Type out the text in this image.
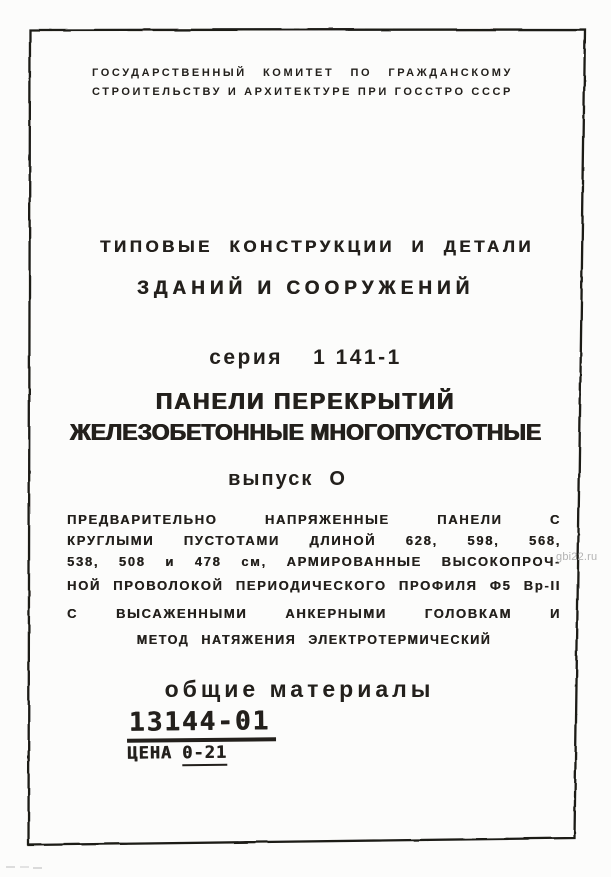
ГОСУДАРСТВЕННЫЙ КОМИТЕТ ПО ГРАЖДАНСКОМУ
СТРОИТЕЛЬСТВУ И АРХИТЕКТУРЕ ПРИ ГОССТРО СССР
ТИПОВЫЕ КОНСТРУКЦИИ И ДЕТАЛИ
ЗДАНИЙ И СООРУЖЕНИЙ
серия 1 141-1
ПАНЕЛИ ПЕРЕКРЫТИЙ
ЖЕЛЕЗОБЕТОННЫЕ МНОГОПУСТОТНЫЕ
выпуск О
ПРЕДВАРИТЕЛЬНО НАПРЯЖЕННЫЕ ПАНЕЛИ С
КРУГЛЫМИ ПУСТОТАМИ ДЛИНОЙ 628, 598, 568,
538, 508 и 478 см, АРМИРОВАННЫЕ ВЫСОКОПРОЧ-
НОЙ ПРОВОЛОКОЙ ПЕРИОДИЧЕСКОГО ПРОФИЛЯ Ф5 Вр-II
С ВЫСАЖЕННЫМИ АНКЕРНЫМИ ГОЛОВКАМ И
МЕТОД НАТЯЖЕНИЯ ЭЛЕКТРОТЕРМИЧЕСКИЙ
общие материалы
13144-01
ЦЕНА 0-21
gbi22.ru
